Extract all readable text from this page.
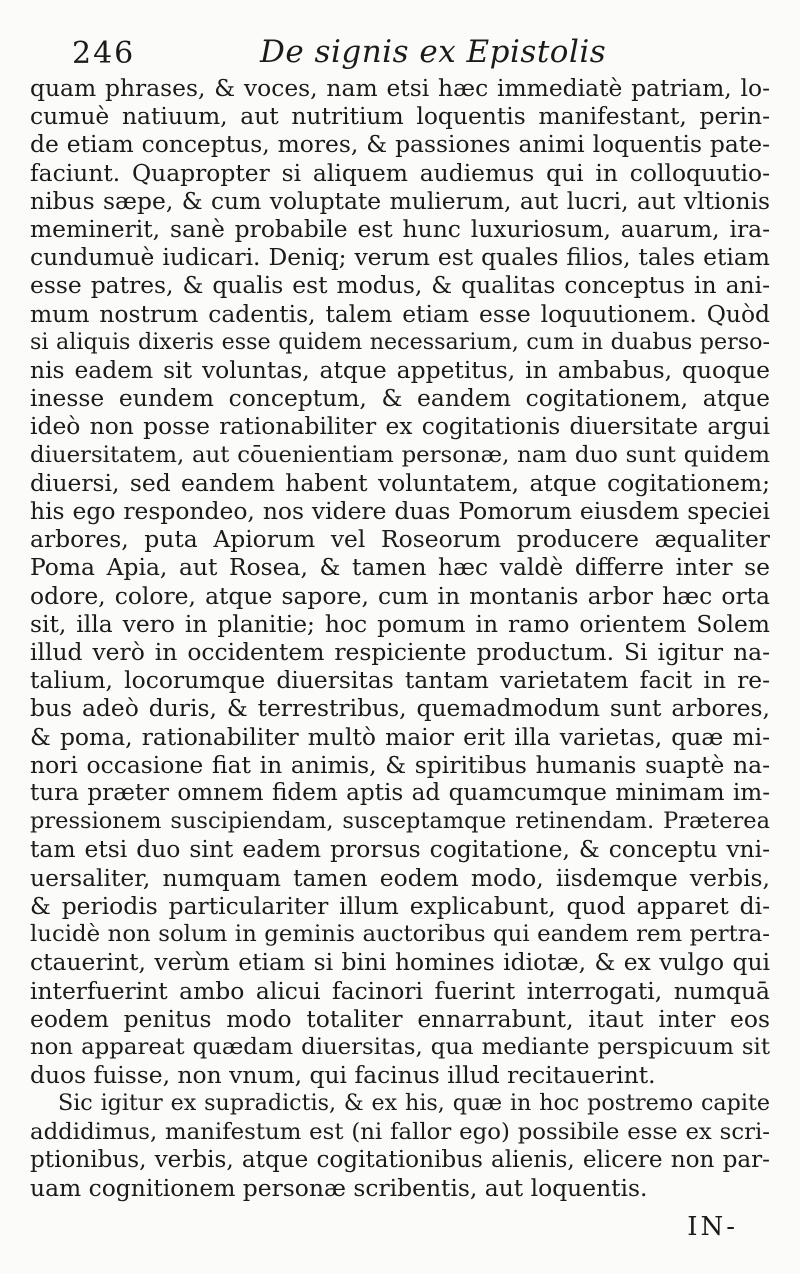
246	De signis ex Epistolis
quam phrases, & voces, nam etsi hæc immediatè patriam, lo-
cumuè natiuum, aut nutritium loquentis manifestant, perin-
de etiam conceptus, mores, & passiones animi loquentis pate-
faciunt. Quapropter si aliquem audiemus qui in colloquutio-
nibus sæpe, & cum voluptate mulierum, aut lucri, aut vltionis
meminerit, sanè probabile est hunc luxuriosum, auarum, ira-
cundumuè iudicari. Deniq; verum est quales filios, tales etiam
esse patres, & qualis est modus, & qualitas conceptus in ani-
mum nostrum cadentis, talem etiam esse loquutionem. Quòd
si aliquis dixeris esse quidem necessarium, cum in duabus perso-
nis eadem sit voluntas, atque appetitus, in ambabus, quoque
inesse eundem conceptum, & eandem cogitationem, atque
ideò non posse rationabiliter ex cogitationis diuersitate argui
diuersitatem, aut cōuenientiam personæ, nam duo sunt quidem
diuersi, sed eandem habent voluntatem, atque cogitationem;
his ego respondeo, nos videre duas Pomorum eiusdem speciei
arbores, puta Apiorum vel Roseorum producere æqualiter
Poma Apia, aut Rosea, & tamen hæc valdè differre inter se
odore, colore, atque sapore, cum in montanis arbor hæc orta
sit, illa vero in planitie; hoc pomum in ramo orientem Solem
illud verò in occidentem respiciente productum. Si igitur na-
talium, locorumque diuersitas tantam varietatem facit in re-
bus adeò duris, & terrestribus, quemadmodum sunt arbores,
& poma, rationabiliter multò maior erit illa varietas, quæ mi-
nori occasione fiat in animis, & spiritibus humanis suaptè na-
tura præter omnem fidem aptis ad quamcumque minimam im-
pressionem suscipiendam, susceptamque retinendam. Præterea
tam etsi duo sint eadem prorsus cogitatione, & conceptu vni-
uersaliter, numquam tamen eodem modo, iisdemque verbis,
& periodis particulariter illum explicabunt, quod apparet di-
lucidè non solum in geminis auctoribus qui eandem rem pertra-
ctauerint, verùm etiam si bini homines idiotæ, & ex vulgo qui
interfuerint ambo alicui facinori fuerint interrogati, numquā
eodem penitus modo totaliter ennarrabunt, itaut inter eos
non appareat quædam diuersitas, qua mediante perspicuum sit
duos fuisse, non vnum, qui facinus illud recitauerint.
Sic igitur ex supradictis, & ex his, quæ in hoc postremo capite
addidimus, manifestum est (ni fallor ego) possibile esse ex scri-
ptionibus, verbis, atque cogitationibus alienis, elicere non par-
uam cognitionem personæ scribentis, aut loquentis.
IN-
